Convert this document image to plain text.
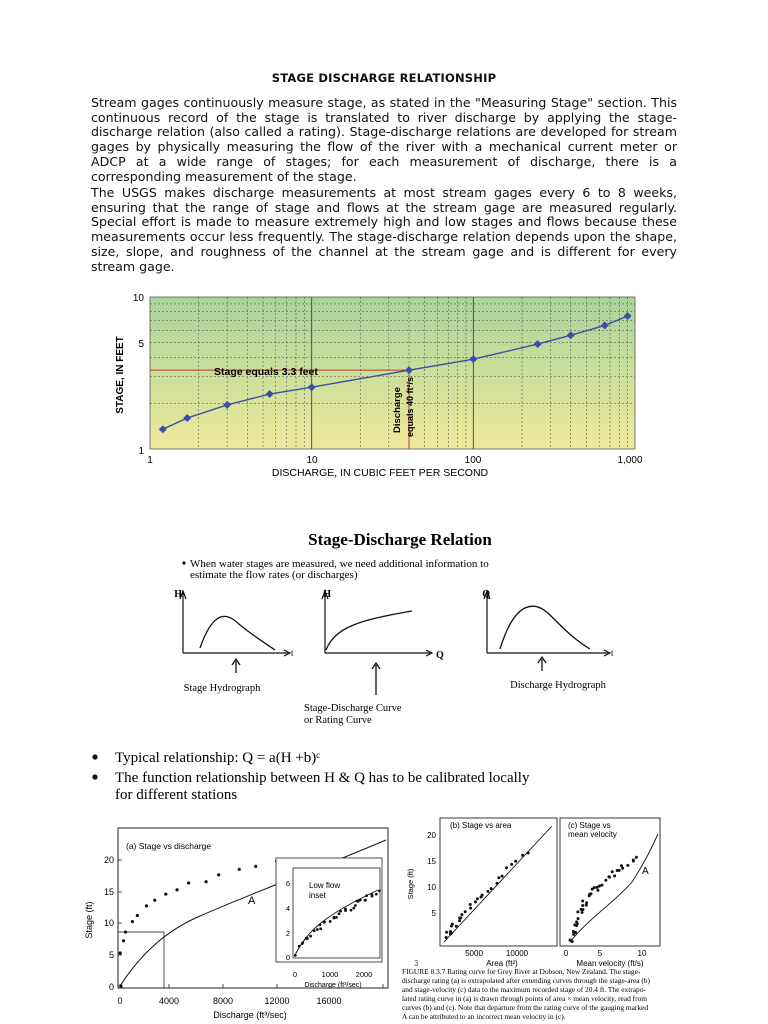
STAGE DISCHARGE RELATIONSHIP
Stream gages continuously measure stage, as stated in the "Measuring Stage" section. This continuous record of the stage is translated to river discharge by applying the stage-discharge relation (also called a rating). Stage-discharge relations are developed for stream gages by physically measuring the flow of the river with a mechanical current meter or ADCP at a wide range of stages; for each measurement of discharge, there is a corresponding measurement of the stage.
The USGS makes discharge measurements at most stream gages every 6 to 8 weeks, ensuring that the range of stage and flows at the stream gage are measured regularly. Special effort is made to measure extremely high and low stages and flows because these measurements occur less frequently. The stage-discharge relation depends upon the shape, size, slope, and roughness of the channel at the stream gage and is different for every stream gage.
10
5
1
1	10	100	1,000
DISCHARGE, IN CUBIC FEET PER SECOND
STAGE, IN FEET	Stage equals 3.3 feet
Discharge equals 40 ft³/s
Stage-Discharge Relation
When water stages are measured, we need additional information to
estimate the flow rates (or discharges)
H
t
Stage Hydrograph
H
Q
Stage-Discharge Curve
or Rating Curve
Q
t
Discharge Hydrograph
Typical relationship: Q = a(H +b)ᶜ
The function relationship between H & Q has to be calibrated locally
for different stations
(a) Stage vs discharge
20
15
10
5
0
0	4000	8000	12000	16000
Discharge (ft³/sec)
Stage (ft)
A
Low flow
inset
6
4
2
0
0	1000 2000
Discharge (ft³/sec)
(b) Stage vs area	(c) Stage vs
mean velocity
20
15
10
5
Stage (ft)
5000	10000
Area (ft²)
0	5	10
Mean velocity (ft/s)
3
A
FIGURE 8.3.7 Rating curve for Grey River at Dobson, New Zealand. The stage-
discharge rating (a) is extrapolated after extending curves through the stage-area (b)
and stage-velocity (c) data to the maximum recorded stage of 20.4 ft. The extrapo-
lated rating curve in (a) is drawn through points of area × mean velocity, read from
curves (b) and (c). Note that departure from the rating curve of the gauging marked
A can be attributed to an incorrect mean velocity in (c).
